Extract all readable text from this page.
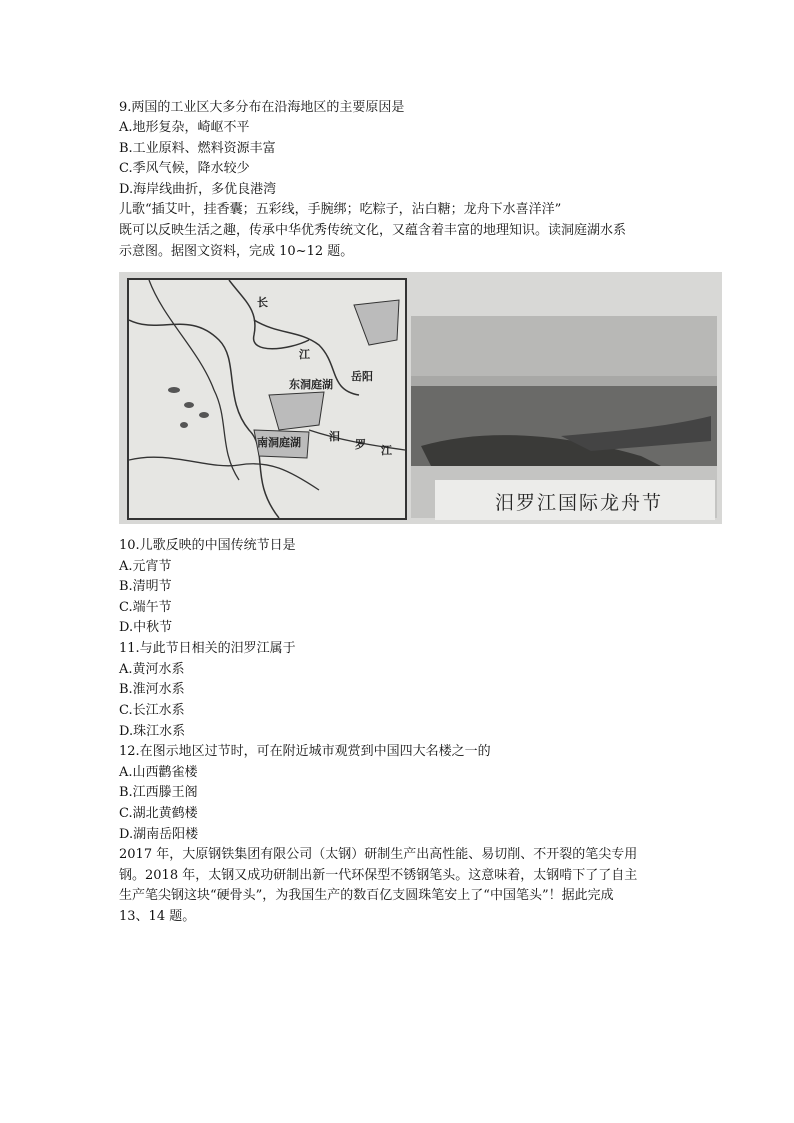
9.两国的工业区大多分布在沿海地区的主要原因是
A.地形复杂，崎岖不平
B.工业原料、燃料资源丰富
C.季风气候，降水较少
D.海岸线曲折，多优良港湾
儿歌“插艾叶，挂香囊；五彩线，手腕绑；吃粽子，沾白糖；龙舟下水喜洋洋”
既可以反映生活之趣，传承中华优秀传统文化，又蕴含着丰富的地理知识。读洞庭湖水系
示意图。据图文资料，完成 10~12 题。
长
江
东洞庭湖
岳阳
南洞庭湖	汨
罗 江
汨罗江国际龙舟节
10.儿歌反映的中国传统节日是
A.元宵节
B.清明节
C.端午节
D.中秋节
11.与此节日相关的汨罗江属于
A.黄河水系
B.淮河水系
C.长江水系
D.珠江水系
12.在图示地区过节时，可在附近城市观赏到中国四大名楼之一的
A.山西鹳雀楼
B.江西滕王阁
C.湖北黄鹤楼
D.湖南岳阳楼
2017 年，大原钢铁集团有限公司（太钢）研制生产出高性能、易切削、不开裂的笔尖专用
钢。2018 年，太钢又成功研制出新一代环保型不锈钢笔头。这意味着，太钢啃下了了自主
生产笔尖钢这块“硬骨头”，为我国生产的数百亿支圆珠笔安上了“中国笔头”！据此完成
13、14 题。
